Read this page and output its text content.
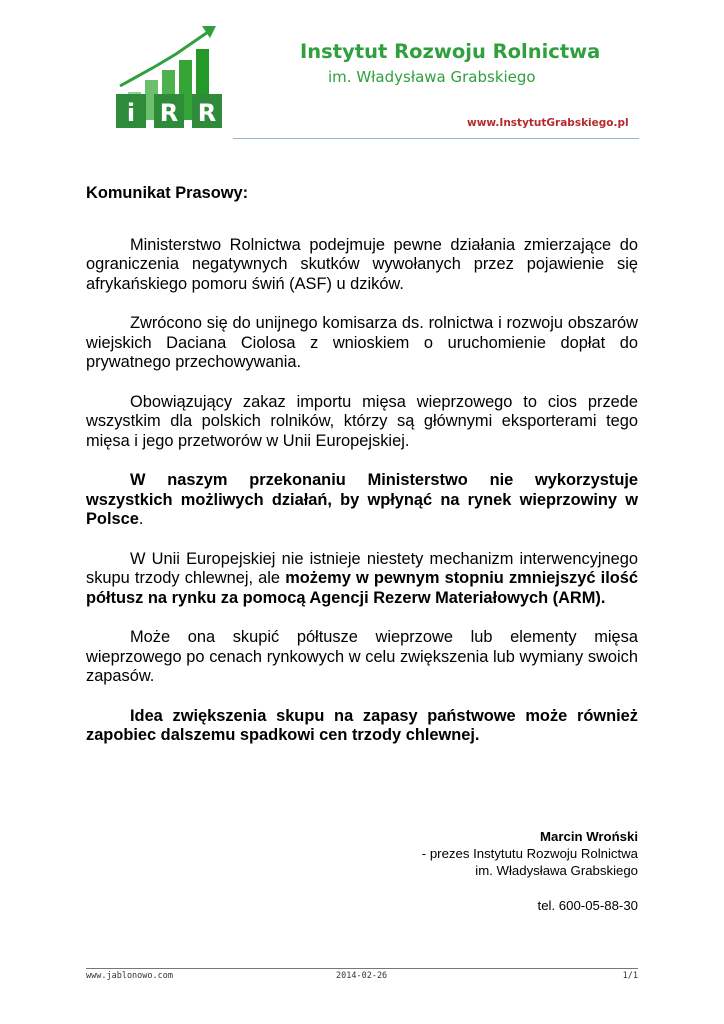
i R R
Instytut Rozwoju Rolnictwa
im. Władysława Grabskiego
www.InstytutGrabskiego.pl

Komunikat Prasowy:

Ministerstwo Rolnictwa podejmuje pewne działania zmierzające do ograniczenia negatywnych skutków wywołanych przez pojawienie się afrykańskiego pomoru świń (ASF) u dzików.

Zwrócono się do unijnego komisarza ds. rolnictwa i rozwoju obszarów wiejskich Daciana Ciolosa z wnioskiem o uruchomienie dopłat do prywatnego przechowywania.

Obowiązujący zakaz importu mięsa wieprzowego to cios przede wszystkim dla polskich rolników, którzy są głównymi eksporterami tego mięsa i jego przetworów w Unii Europejskiej.

W naszym przekonaniu Ministerstwo nie wykorzystuje wszystkich możliwych działań, by wpłynąć na rynek wieprzowiny w Polsce.

W Unii Europejskiej nie istnieje niestety mechanizm interwencyjnego skupu trzody chlewnej, ale możemy w pewnym stopniu zmniejszyć ilość półtusz na rynku za pomocą Agencji Rezerw Materiałowych (ARM).

Może ona skupić półtusze wieprzowe lub elementy mięsa wieprzowego po cenach rynkowych w celu zwiększenia lub wymiany swoich zapasów.

Idea zwiększenia skupu na zapasy państwowe może również zapobiec dalszemu spadkowi cen trzody chlewnej.

Marcin Wroński
- prezes Instytutu Rozwoju Rolnictwa
im. Władysława Grabskiego
tel. 600-05-88-30
www.jablonowo.com	2014-02-26	1/1
